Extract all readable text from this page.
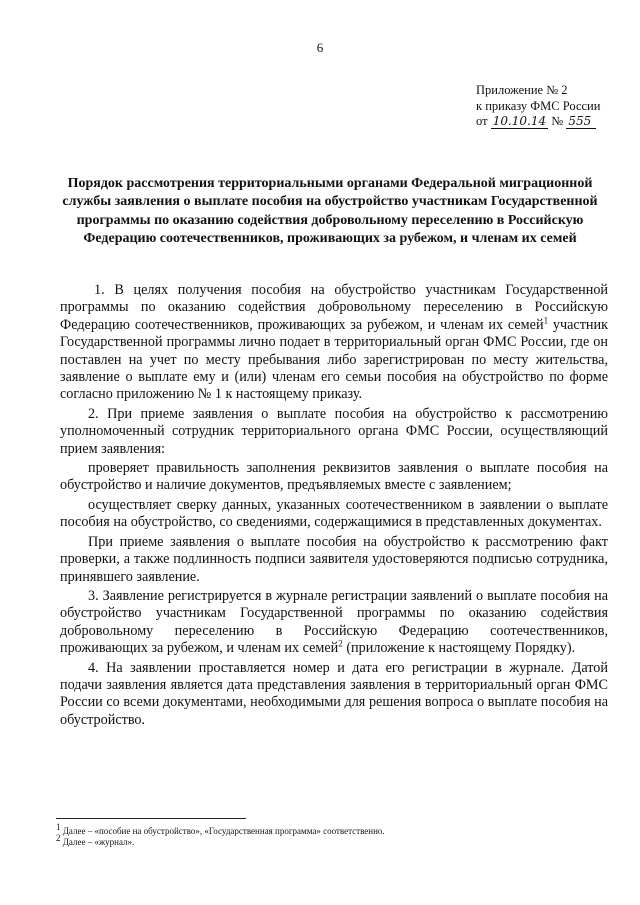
6
Приложение № 2
к приказу ФМС России
от 10.10.14 № 555
Порядок рассмотрения территориальными органами Федеральной миграционной службы заявления о выплате пособия на обустройство участникам Государственной программы по оказанию содействия добровольному переселению в Российскую Федерацию соотечественников, проживающих за рубежом, и членам их семей

1. В целях получения пособия на обустройство участникам Государственной программы по оказанию содействия добровольному переселению в Российскую Федерацию соотечественников, проживающих за рубежом, и членам их семей$^1$ участник Государственной программы лично подает в территориальный орган ФМС России, где он поставлен на учет по месту пребывания либо зарегистрирован по месту жительства, заявление о выплате ему и (или) членам его семьи пособия на обустройство по форме согласно приложению № 1 к настоящему приказу.

2. При приеме заявления о выплате пособия на обустройство к рассмотрению уполномоченный сотрудник территориального органа ФМС России, осуществляющий прием заявления:

проверяет правильность заполнения реквизитов заявления о выплате пособия на обустройство и наличие документов, предъявляемых вместе с заявлением;

осуществляет сверку данных, указанных соотечественником в заявлении о выплате пособия на обустройство, со сведениями, содержащимися в представленных документах.

При приеме заявления о выплате пособия на обустройство к рассмотрению факт проверки, а также подлинность подписи заявителя удостоверяются подписью сотрудника, принявшего заявление.

3. Заявление регистрируется в журнале регистрации заявлений о выплате пособия на обустройство участникам Государственной программы по оказанию содействия добровольному переселению в Российскую Федерацию соотечественников, проживающих за рубежом, и членам их семей$^2$ (приложение к настоящему Порядку).

4. На заявлении проставляется номер и дата его регистрации в журнале. Датой подачи заявления является дата представления заявления в территориальный орган ФМС России со всеми документами, необходимыми для решения вопроса о выплате пособия на обустройство.

$^1$ Далее – «пособие на обустройство», «Государственная программа» соответственно.

$^2$ Далее – «журнал».
